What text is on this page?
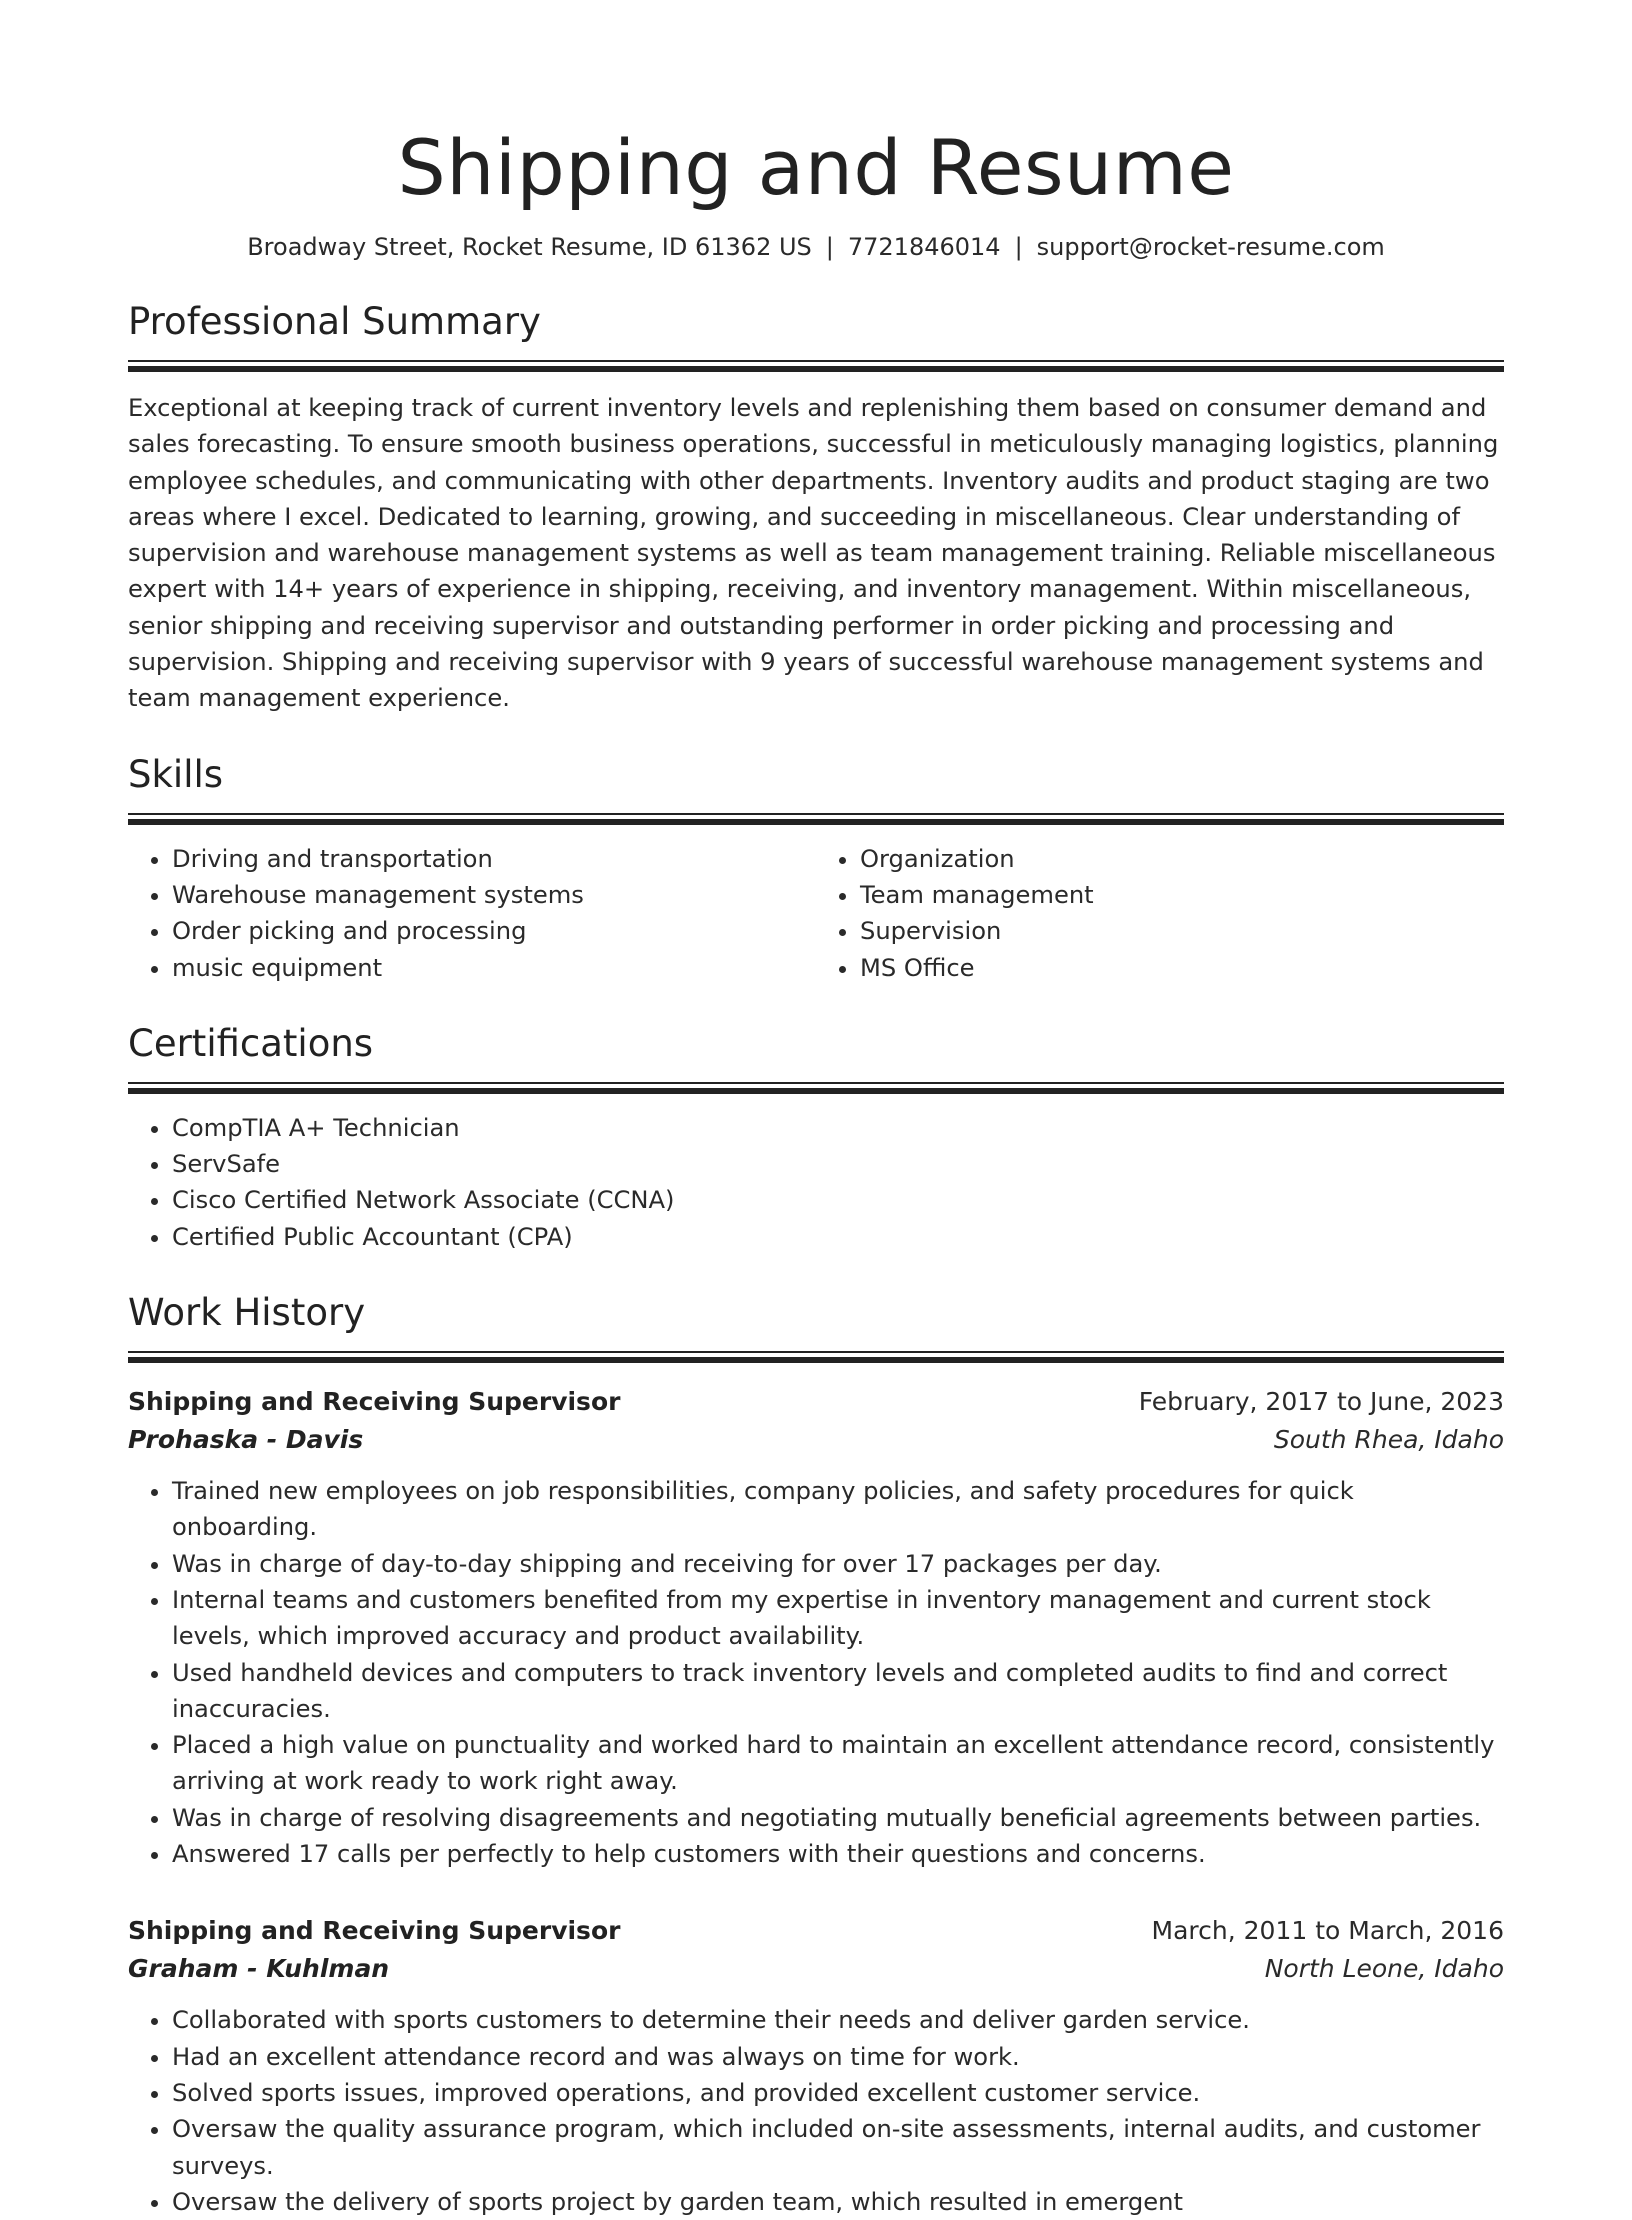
Shipping and Resume
Broadway Street, Rocket Resume, ID 61362 US | 7721846014 | support@rocket-resume.com
Professional Summary

Exceptional at keeping track of current inventory levels and replenishing them based on consumer demand and sales forecasting. To ensure smooth business operations, successful in meticulously managing logistics, planning employee schedules, and communicating with other departments. Inventory audits and product staging are two areas where I excel. Dedicated to learning, growing, and succeeding in miscellaneous. Clear understanding of supervision and warehouse management systems as well as team management training. Reliable miscellaneous expert with 14+ years of experience in shipping, receiving, and inventory management. Within miscellaneous, senior shipping and receiving supervisor and outstanding performer in order picking and processing and supervision. Shipping and receiving supervisor with 9 years of successful warehouse management systems and team management experience.

Skills
• Driving and transportation
• Warehouse management systems
• Order picking and processing
• music equipment
• Organization
• Team management
• Supervision
• MS Office
Certifications
• CompTIA A+ Technician
• ServSafe
• Cisco Certified Network Associate (CCNA)
• Certified Public Accountant (CPA)
Work History
Shipping and Receiving Supervisor	February, 2017 to June, 2023
Prohaska - Davis	South Rhea, Idaho
• Trained new employees on job responsibilities, company policies, and safety procedures for quick onboarding.
• Was in charge of day-to-day shipping and receiving for over 17 packages per day.
• Internal teams and customers benefited from my expertise in inventory management and current stock levels, which improved accuracy and product availability.
• Used handheld devices and computers to track inventory levels and completed audits to find and correct inaccuracies.
• Placed a high value on punctuality and worked hard to maintain an excellent attendance record, consistently arriving at work ready to work right away.
• Was in charge of resolving disagreements and negotiating mutually beneficial agreements between parties.
• Answered 17 calls per perfectly to help customers with their questions and concerns.
Shipping and Receiving Supervisor	March, 2011 to March, 2016
Graham - Kuhlman	North Leone, Idaho
• Collaborated with sports customers to determine their needs and deliver garden service.
• Had an excellent attendance record and was always on time for work.
• Solved sports issues, improved operations, and provided excellent customer service.
• Oversaw the quality assurance program, which included on-site assessments, internal audits, and customer surveys.
• Oversaw the delivery of sports project by garden team, which resulted in emergent
